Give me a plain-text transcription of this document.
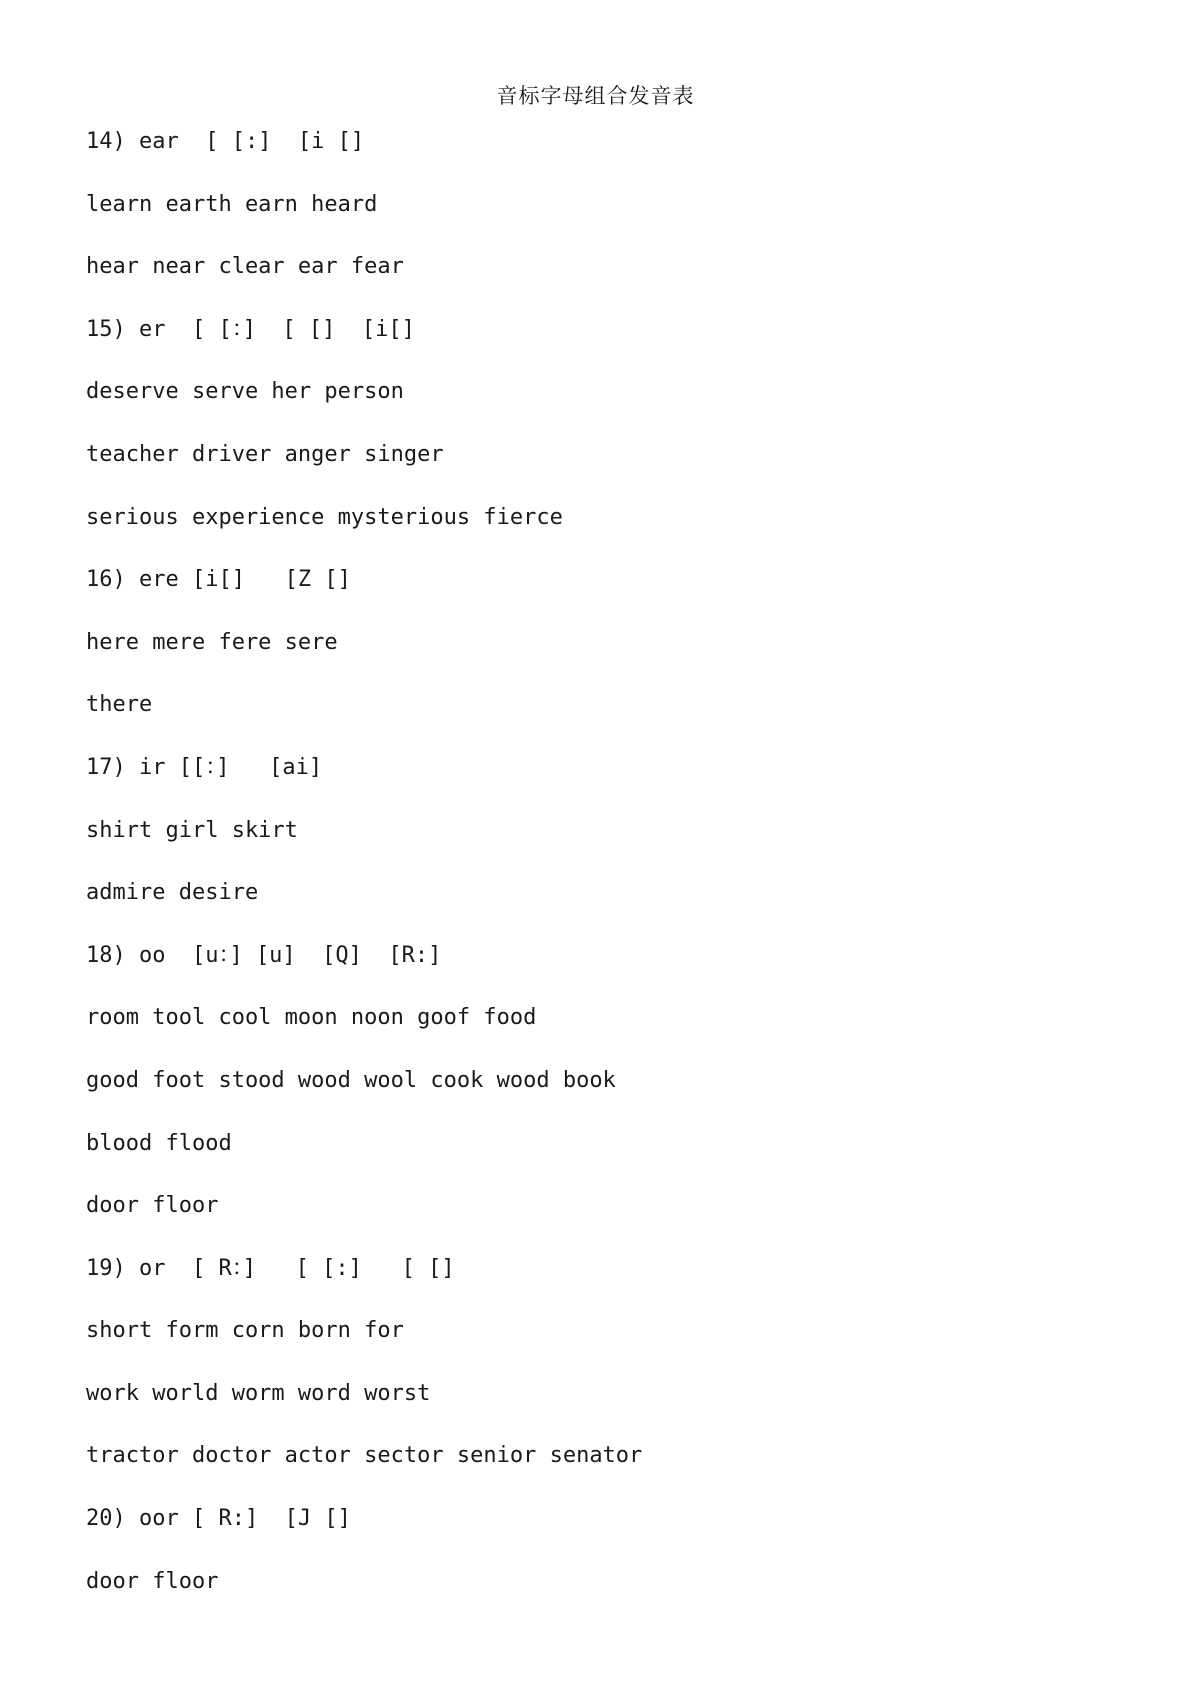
音标字母组合发音表
14) ear  [ [:]  [i []
learn earth earn heard
hear near clear ear fear
15) er  [ [：]  [ []  [i[]
deserve serve her person
teacher driver anger singer
serious experience mysterious fierce
16) ere [i[]   [Z []
here mere fere sere
there
17) ir [[：]   [ai]
shirt girl skirt
admire desire
18) oo  [u：] [u]  [Q]  [R:]
room tool cool moon noon goof food
good foot stood wood wool cook wood book
blood flood
door floor
19) or  [ R：]   [ [:]   [ []
short form corn born for
work world worm word worst
tractor doctor actor sector senior senator
20) oor [ R:]  [J []
door floor
